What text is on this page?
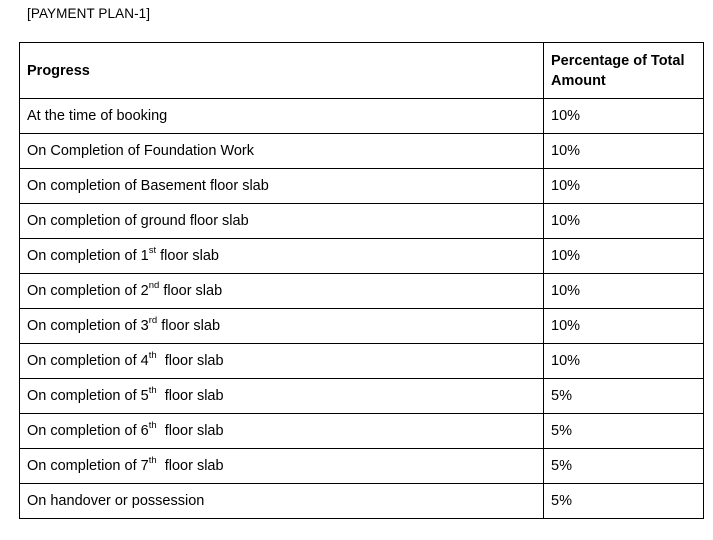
[PAYMENT PLAN-1]
Progress	Percentage of Total Amount
At the time of booking	10%
On Completion of Foundation Work	10%
On completion of Basement floor slab	10%
On completion of ground floor slab	10%
On completion of 1st floor slab	10%
On completion of 2nd floor slab	10%
On completion of 3rd floor slab	10%
On completion of 4th  floor slab	10%
On completion of 5th  floor slab	5%
On completion of 6th  floor slab	5%
On completion of 7th  floor slab	5%
On handover or possession	5%
